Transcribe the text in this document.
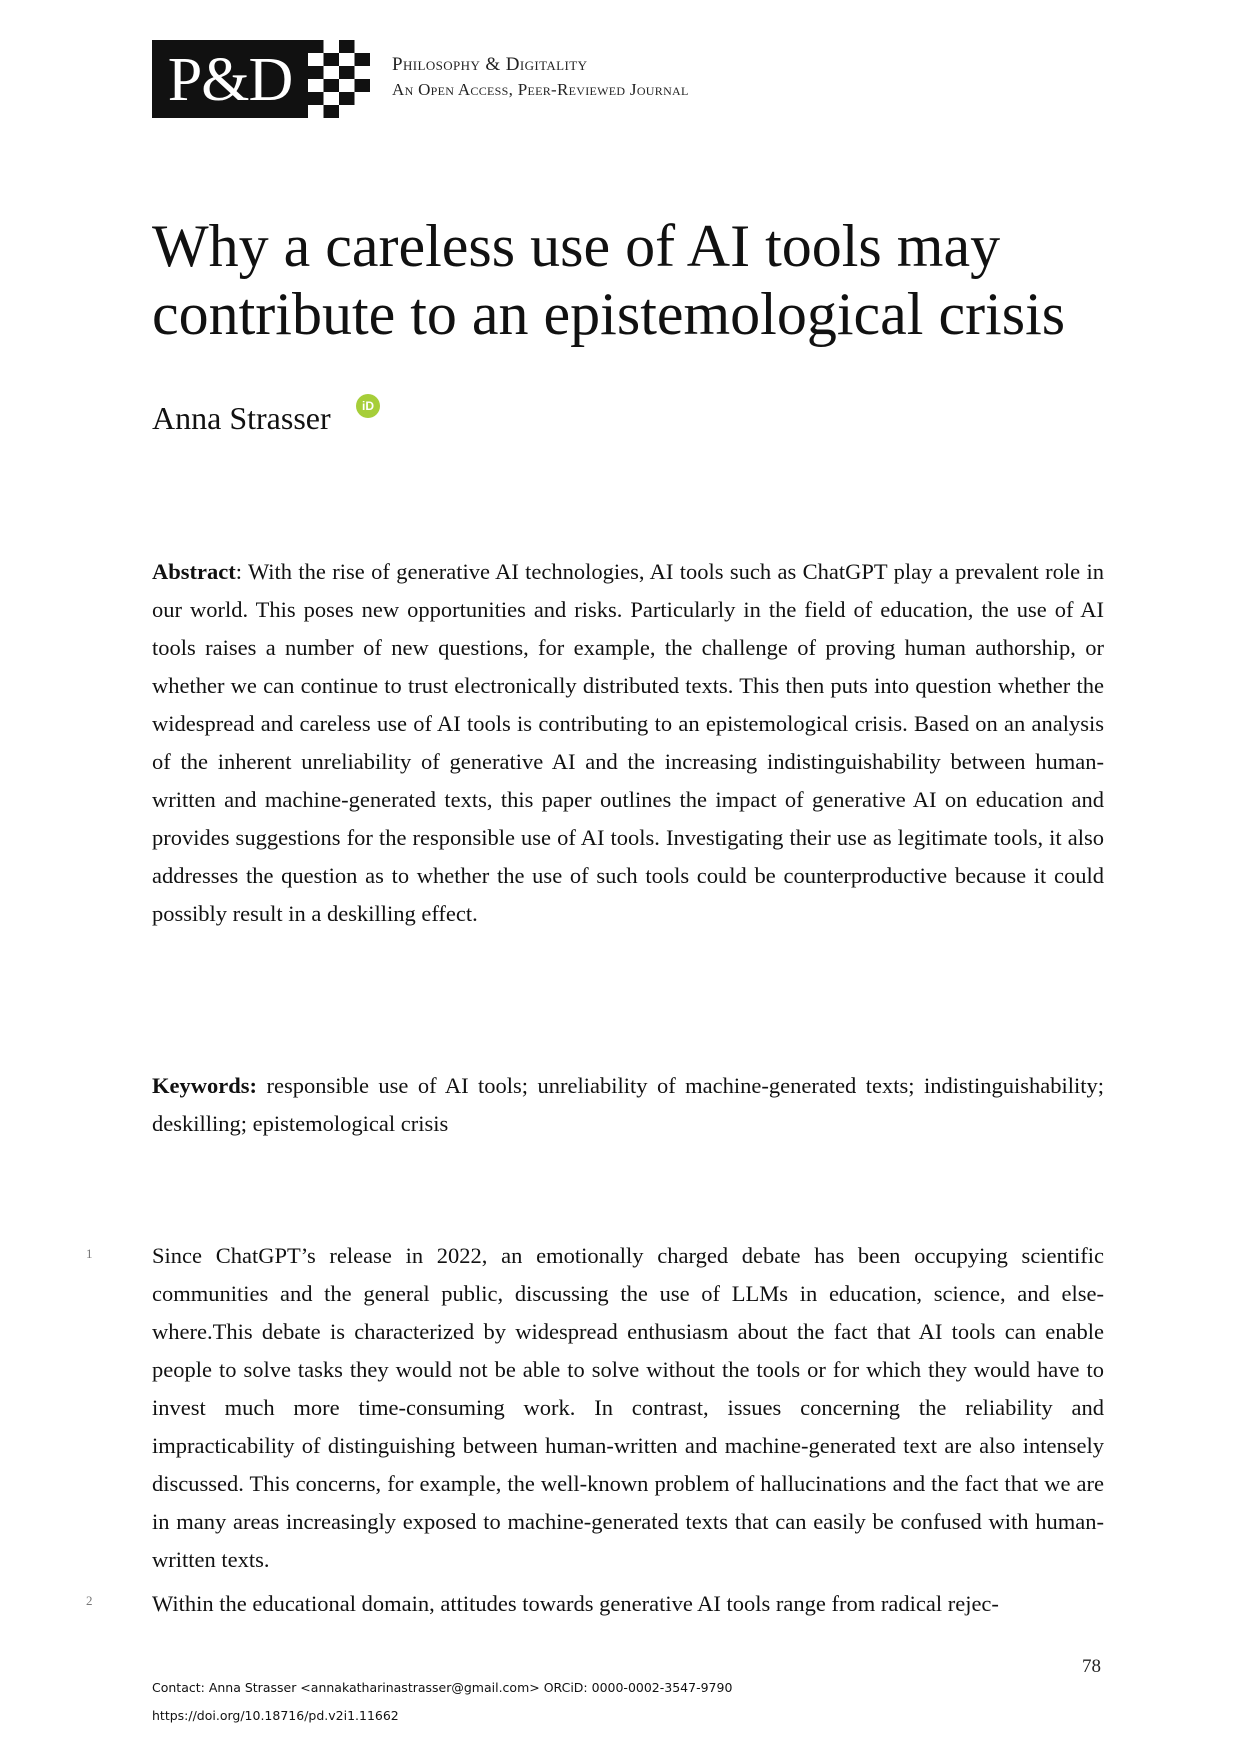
P&D	Philosophy & Digitality
An Open Access, Peer-Reviewed Journal
Why a careless use of AI tools may contribute to an epistemological crisis
Anna Strasser	iD

Abstract: With the rise of generative AI technologies, AI tools such as ChatGPT play a prevalent role in our world. This poses new opportunities and risks. Particularly in the field of education, the use of AI tools raises a number of new questions, for example, the challenge of proving human authorship, or whether we can continue to trust electronically distributed texts. This then puts into question whether the widespread and careless use of AI tools is contributing to an epistemological crisis. Based on an analysis of the inherent unreliability of generative AI and the increasing indistinguishability between human-written and machine-generated texts, this paper outlines the impact of generative AI on education and provides suggestions for the responsible use of AI tools. Investigating their use as legitimate tools, it also addresses the question as to whether the use of such tools could be counterproductive because it could possibly result in a deskilling effect.

Keywords: responsible use of AI tools; unreliability of machine-generated texts; indistinguishability; deskilling; epistemological crisis

1	Since ChatGPT’s release in 2022, an emotionally charged debate has been occupying scientific communities and the general public, discussing the use of LLMs in education, science, and elsewhere.This debate is characterized by widespread enthusiasm about the fact that AI tools can enable people to solve tasks they would not be able to solve without the tools or for which they would have to invest much more time-consuming work. In contrast, issues concerning the reliability and impracticability of distinguishing between human-written and machine-generated text are also intensely discussed. This concerns, for example, the well-known problem of hallucinations and the fact that we are in many areas increasingly exposed to machine-generated texts that can easily be confused with human-written texts.

2	Within the educational domain, attitudes towards generative AI tools range from radical rejec-

78
Contact: Anna Strasser <annakatharinastrasser@gmail.com> ORCiD: 0000-0002-3547-9790
https://doi.org/10.18716/pd.v2i1.11662
